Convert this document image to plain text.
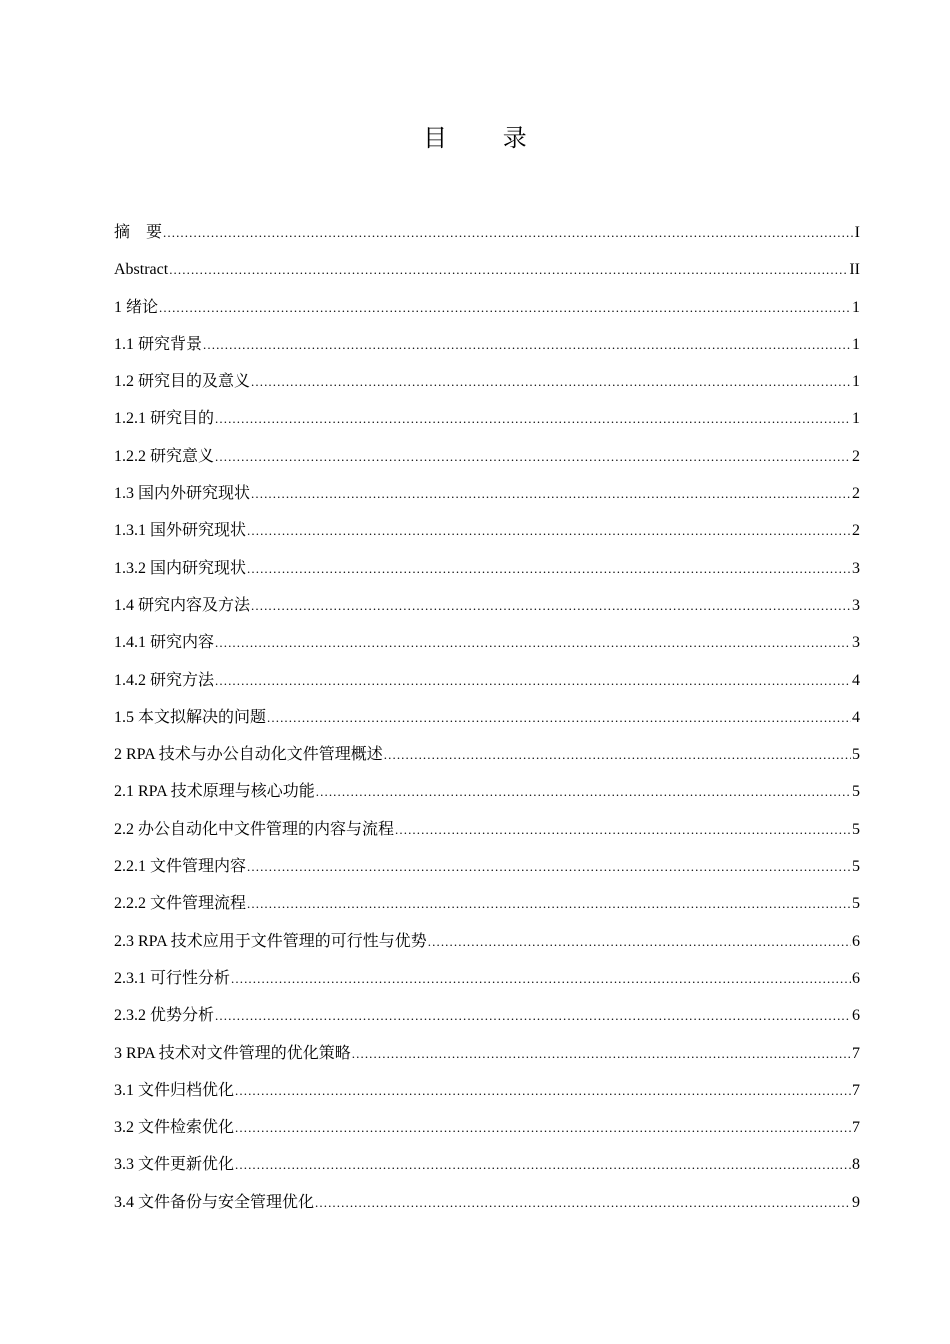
目 录
摘　要 .....	I
Abstract .....	II
1 绪论 .....	1
1.1 研究背景 .....	1
1.2 研究目的及意义 .....	1
1.2.1 研究目的 .....	1
1.2.2 研究意义 .....	2
1.3 国内外研究现状 .....	2
1.3.1 国外研究现状 .....	2
1.3.2 国内研究现状 .....	3
1.4 研究内容及方法 .....	3
1.4.1 研究内容 .....	3
1.4.2 研究方法 .....	4
1.5 本文拟解决的问题 .....	4
2 RPA 技术与办公自动化文件管理概述 .....	5
2.1 RPA 技术原理与核心功能 .....	5
2.2 办公自动化中文件管理的内容与流程 .....	5
2.2.1 文件管理内容 .....	5
2.2.2 文件管理流程 .....	5
2.3 RPA 技术应用于文件管理的可行性与优势 .....	6
2.3.1 可行性分析 .....	6
2.3.2 优势分析 .....	6
3 RPA 技术对文件管理的优化策略 .....	7
3.1 文件归档优化 .....	7
3.2 文件检索优化 .....	7
3.3 文件更新优化 .....	8
3.4 文件备份与安全管理优化 .....	9
